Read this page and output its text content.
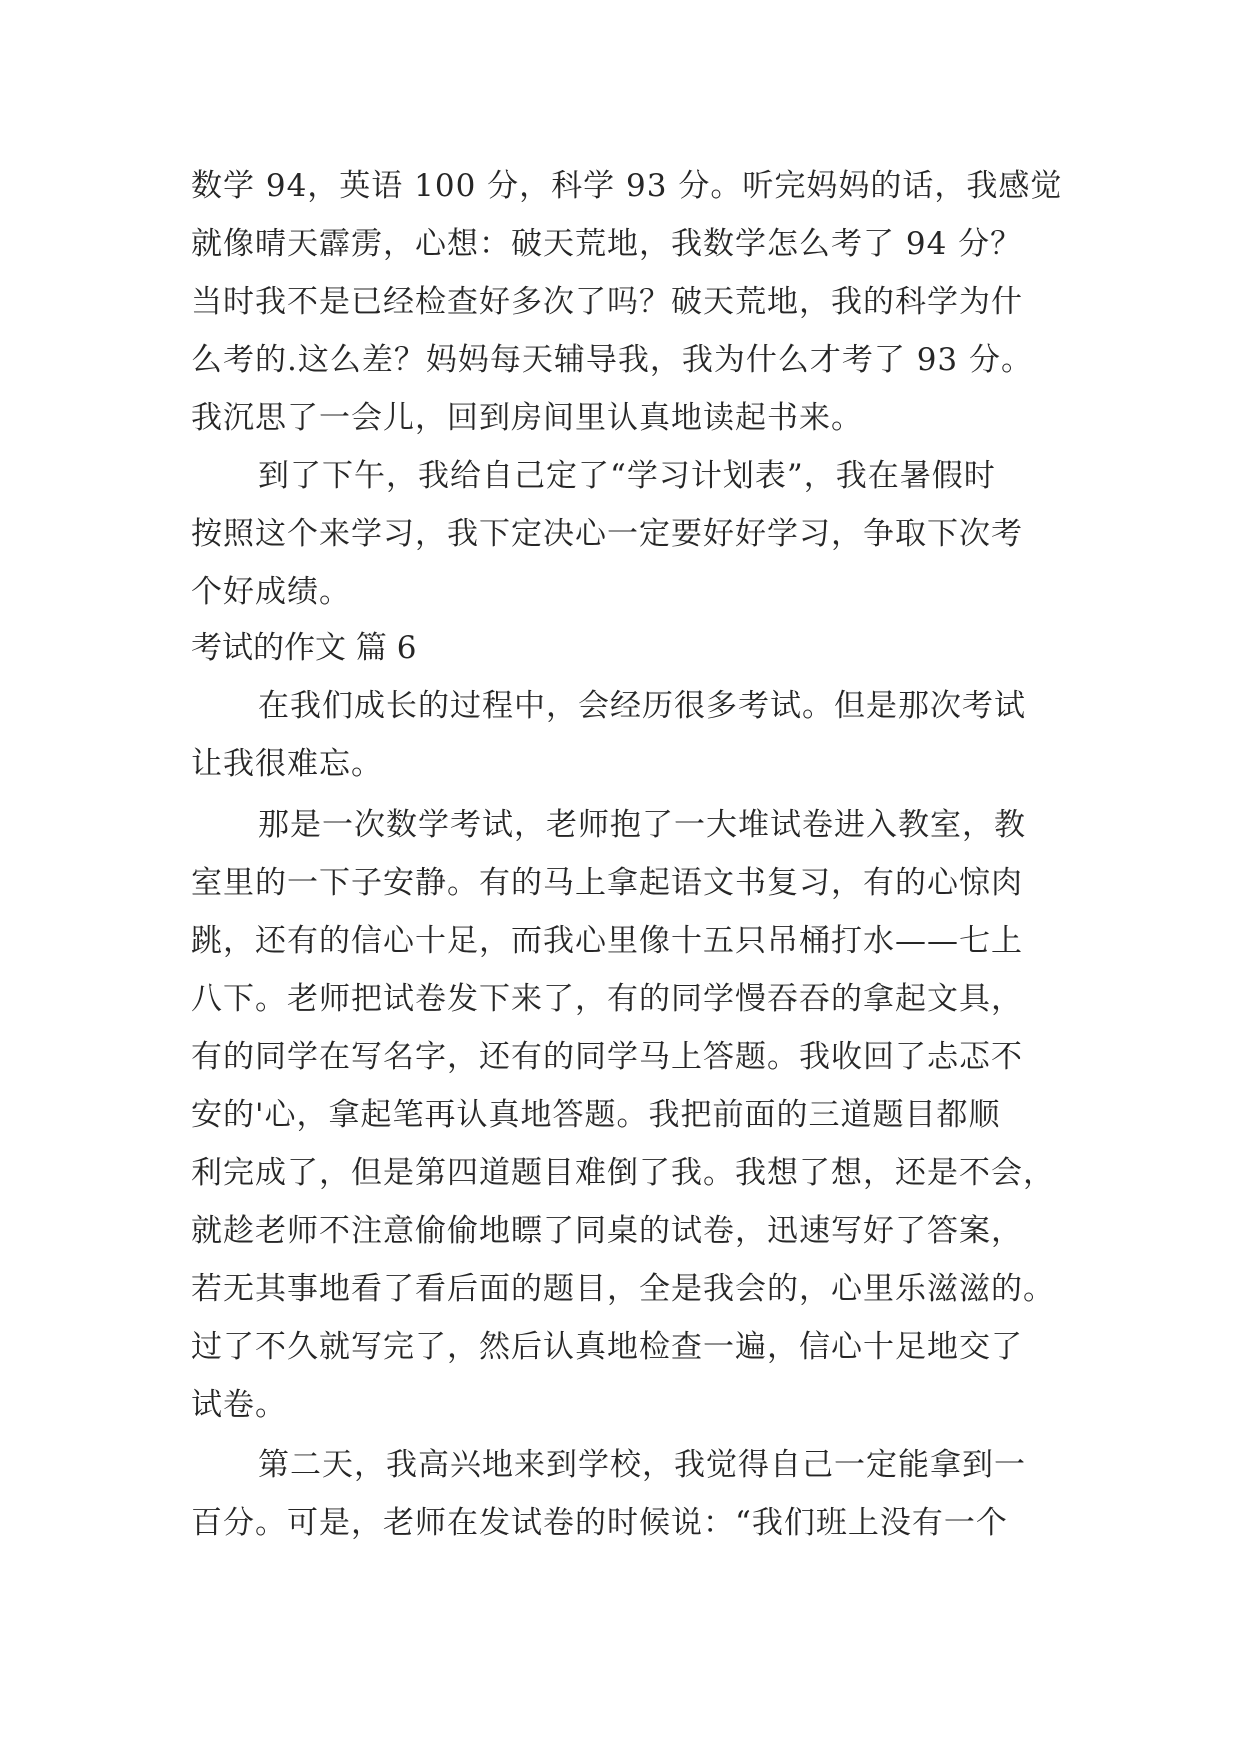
数学 94，英语 100 分，科学 93 分。听完妈妈的话，我感觉
就像晴天霹雳，心想：破天荒地，我数学怎么考了 94 分？
当时我不是已经检查好多次了吗？破天荒地，我的科学为什
么考的.这么差？妈妈每天辅导我，我为什么才考了 93 分。
我沉思了一会儿，回到房间里认真地读起书来。
到了下午，我给自己定了“学习计划表”，我在暑假时
按照这个来学习，我下定决心一定要好好学习，争取下次考
个好成绩。
考试的作文 篇 6
在我们成长的过程中，会经历很多考试。但是那次考试
让我很难忘。
那是一次数学考试，老师抱了一大堆试卷进入教室，教
室里的一下子安静。有的马上拿起语文书复习，有的心惊肉
跳，还有的信心十足，而我心里像十五只吊桶打水——七上
八下。老师把试卷发下来了，有的同学慢吞吞的拿起文具，
有的同学在写名字，还有的同学马上答题。我收回了忐忑不
安的'心，拿起笔再认真地答题。我把前面的三道题目都顺
利完成了，但是第四道题目难倒了我。我想了想，还是不会，
就趁老师不注意偷偷地瞟了同桌的试卷，迅速写好了答案，
若无其事地看了看后面的题目，全是我会的，心里乐滋滋的。
过了不久就写完了，然后认真地检查一遍，信心十足地交了
试卷。
第二天，我高兴地来到学校，我觉得自己一定能拿到一
百分。可是，老师在发试卷的时候说：“我们班上没有一个
